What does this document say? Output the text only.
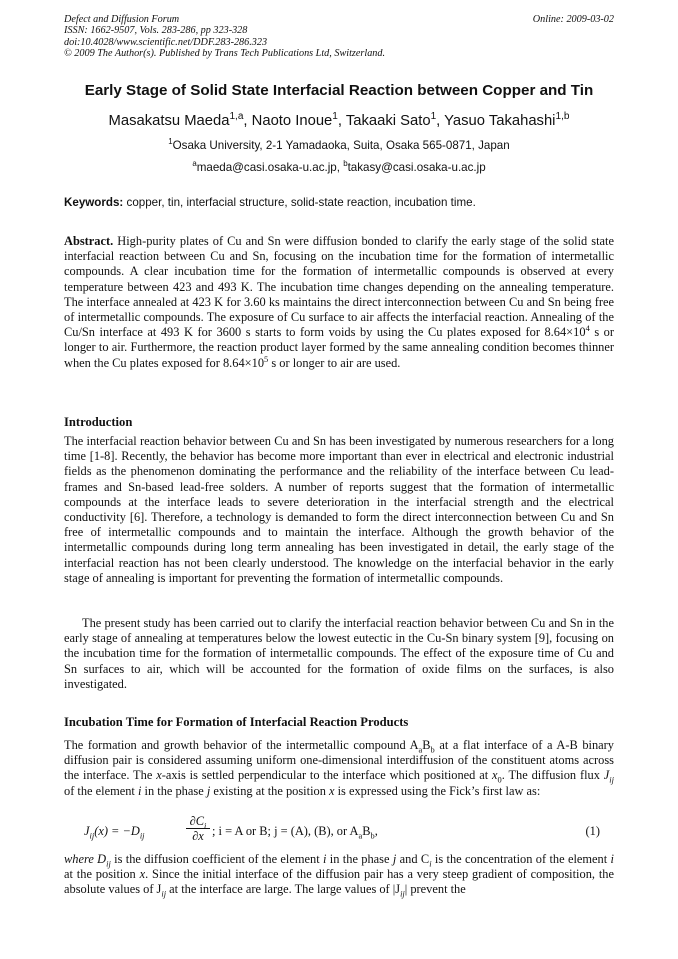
Defect and Diffusion Forum
ISSN: 1662-9507, Vols. 283-286, pp 323-328
doi:10.4028/www.scientific.net/DDF.283-286.323
© 2009 The Author(s). Published by Trans Tech Publications Ltd, Switzerland.
Online: 2009-03-02
Early Stage of Solid State Interfacial Reaction between Copper and Tin
Masakatsu Maeda$^{1,a}$, Naoto Inoue$^1$, Takaaki Sato$^1$, Yasuo Takahashi$^{1,b}$
$^1$Osaka University, 2-1 Yamadaoka, Suita, Osaka 565-0871, Japan
$^a$maeda@casi.osaka-u.ac.jp, $^b$takasy@casi.osaka-u.ac.jp
Keywords: copper, tin, interfacial structure, solid-state reaction, incubation time.

Abstract. High-purity plates of Cu and Sn were diffusion bonded to clarify the early stage of the solid state interfacial reaction between Cu and Sn, focusing on the incubation time for the formation of intermetallic compounds. A clear incubation time for the formation of intermetallic compounds is observed at every temperature between 423 and 493 K. The incubation time changes depending on the annealing temperature. The interface annealed at 423 K for 3.60 ks maintains the direct interconnection between Cu and Sn being free of intermetallic compounds. The exposure of Cu surface to air affects the interfacial reaction. Annealing of the Cu/Sn interface at 493 K for 3600 s starts to form voids by using the Cu plates exposed for $8.64\times 10^4$ s or longer to air. Furthermore, the reaction product layer formed by the same annealing condition becomes thinner when the Cu plates exposed for $8.64\times 10^5$ s or longer to air are used.

Introduction

The interfacial reaction behavior between Cu and Sn has been investigated by numerous researchers for a long time [1-8]. Recently, the behavior has become more important than ever in electrical and electronic industrial fields as the phenomenon dominating the performance and the reliability of the interface between Cu lead-frames and Sn-based lead-free solders. A number of reports suggest that the formation of intermetallic compounds at the interface leads to severe deterioration in the interfacial strength and the electrical conductivity [6]. Therefore, a technology is demanded to form the direct interconnection between Cu and Sn free of intermetallic compounds and to maintain the interface. Although the growth behavior of the intermetallic compounds during long term annealing has been investigated in detail, the early stage of the interfacial reaction has not been clearly understood. The knowledge on the interfacial behavior in the early stage of annealing is important for preventing the formation of intermetallic compounds.

The present study has been carried out to clarify the interfacial reaction behavior between Cu and Sn in the early stage of annealing at temperatures below the lowest eutectic in the Cu-Sn binary system [9], focusing on the incubation time for the formation of intermetallic compounds. The effect of the exposure time of Cu and Sn surfaces to air, which will be accounted for the formation of oxide films on the surfaces, is also investigated.

Incubation Time for Formation of Interfacial Reaction Products

The formation and growth behavior of the intermetallic compound $A_aB_b$ at a flat interface of a A-B binary diffusion pair is considered assuming uniform one-dimensional interdiffusion of the constituent atoms across the interface. The x-axis is settled perpendicular to the interface which positioned at $x_0$. The diffusion flux $J_{ij}$ of the element i in the phase j existing at the position x is expressed using the Fick’s first law as:

$J_{ij}(x) = -D_{ij}$
$\partial C_i$
∂x ; i = A or B; j = (A), (B), or $A_aB_b$,	(1)

where $D_{ij}$ is the diffusion coefficient of the element i in the phase j and $C_i$ is the concentration of the element i at the position x. Since the initial interface of the diffusion pair has a very steep gradient of composition, the absolute values of $J_{ij}$ at the interface are large. The large values of $|J_{ij}|$ prevent the
